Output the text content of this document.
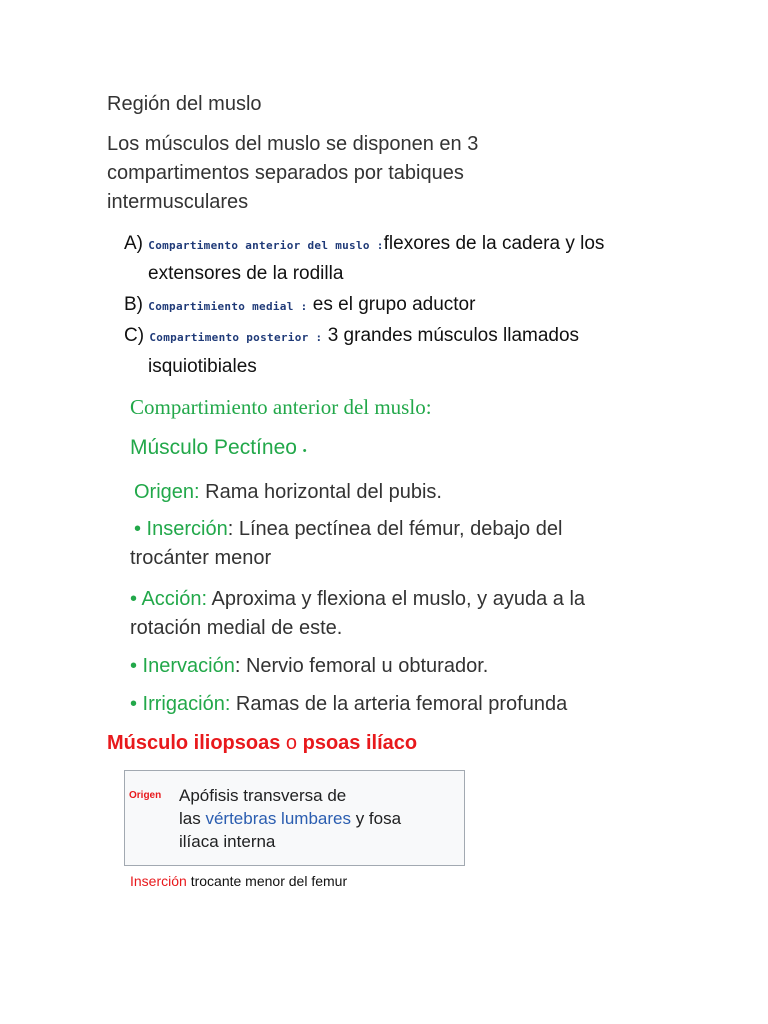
Región del muslo
Los músculos del muslo se disponen en 3
compartimentos separados por tabiques
intermusculares
A) Compartimento anterior del muslo :flexores de la cadera y los
extensores de la rodilla
B) Compartimiento medial : es el grupo aductor
C) Compartimento posterior : 3 grandes músculos llamados
isquiotibiales
Compartimiento anterior del muslo:
Músculo Pectíneo •
Origen: Rama horizontal del pubis.
• Inserción: Línea pectínea del fémur, debajo del
trocánter menor
• Acción: Aproxima y flexiona el muslo, y ayuda a la
rotación medial de este.
• Inervación: Nervio femoral u obturador.
• Irrigación: Ramas de la arteria femoral profunda
Músculo iliopsoas o psoas ilíaco
Origen Apófisis transversa de
las vértebras lumbares y fosa
ilíaca interna
Inserción trocante menor del femur
